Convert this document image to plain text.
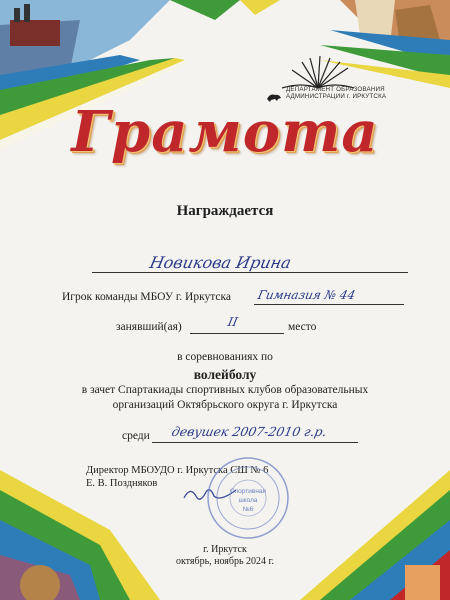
ДЕПАРТАМЕНТ ОБРАЗОВАНИЯ
АДМИНИСТРАЦИИ г. ИРКУТСКА
Грамота
Награждается
Новикова Ирина
Игрок команды МБОУ г. Иркутска Гимназия № 44
занявший(ая)	II	место
в соревнованиях по
волейболу
в зачет Спартакиады спортивных клубов образовательных
организаций Октябрьского округа г. Иркутска
среди девушек 2007-2010 г.р.
Директор МБОУДО г. Иркутска СШ № 6
Е. В. Поздняков
Спортивная
школа
№6
г. Иркутск
октябрь, ноябрь 2024 г.
